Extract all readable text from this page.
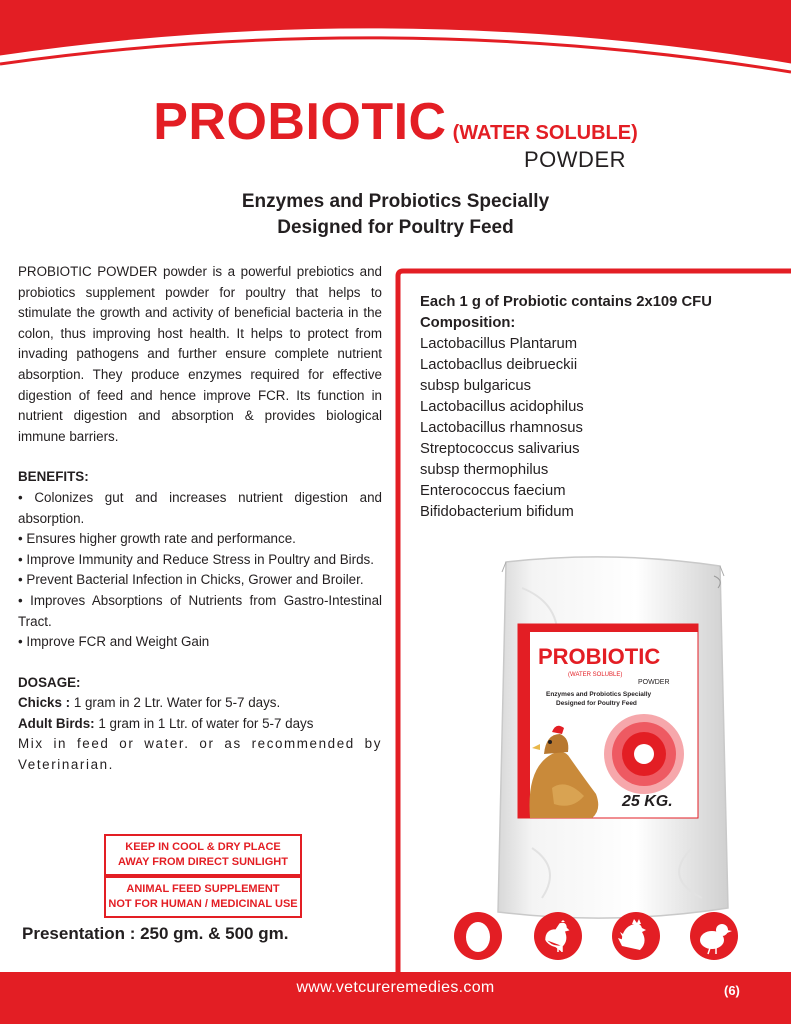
PROBIOTIC (WATER SOLUBLE)
POWDER
Enzymes and Probiotics Specially
Designed for Poultry Feed

PROBIOTIC POWDER powder is a powerful prebiotics and probiotics supplement powder for poultry that helps to stimulate the growth and activity of beneficial bacteria in the colon, thus improving host health. It helps to protect from invading pathogens and further ensure complete nutrient absorption. They produce enzymes required for effective digestion of feed and hence improve FCR. Its function in nutrient digestion and absorption & provides biological immune barriers.

BENEFITS:

• Colonizes gut and increases nutrient digestion and absorption.

• Ensures higher growth rate and performance.

• Improve Immunity and Reduce Stress in Poultry and Birds.

• Prevent Bacterial Infection in Chicks, Grower and Broiler.

• Improves Absorptions of Nutrients from Gastro-Intestinal Tract.

• Improve FCR and Weight Gain

DOSAGE:

Chicks : 1 gram in 2 Ltr. Water for 5-7 days.

Adult Birds: 1 gram in 1 Ltr. of water for 5-7 days

Mix in feed or water. or as recommended by Veterinarian.

KEEP IN COOL & DRY PLACE
AWAY FROM DIRECT SUNLIGHT
ANIMAL FEED SUPPLEMENT
NOT FOR HUMAN / MEDICINAL USE
Presentation : 250 gm. & 500 gm.
Each 1 g of Probiotic contains 2x109 CFU
Composition:

Lactobacillus Plantarum

Lactobacllus deibrueckii

subsp bulgaricus

Lactobacillus acidophilus

Lactobacillus rhamnosus

Streptococcus salivarius

subsp thermophilus

Enterococcus faecium

Bifidobacterium bifidum

PROBIOTIC
(WATER SOLUBLE)
POWDER
Enzymes and Probiotics Specially
Designed for Poultry Feed
25 KG.
www.vetcureremedies.com	(6)
